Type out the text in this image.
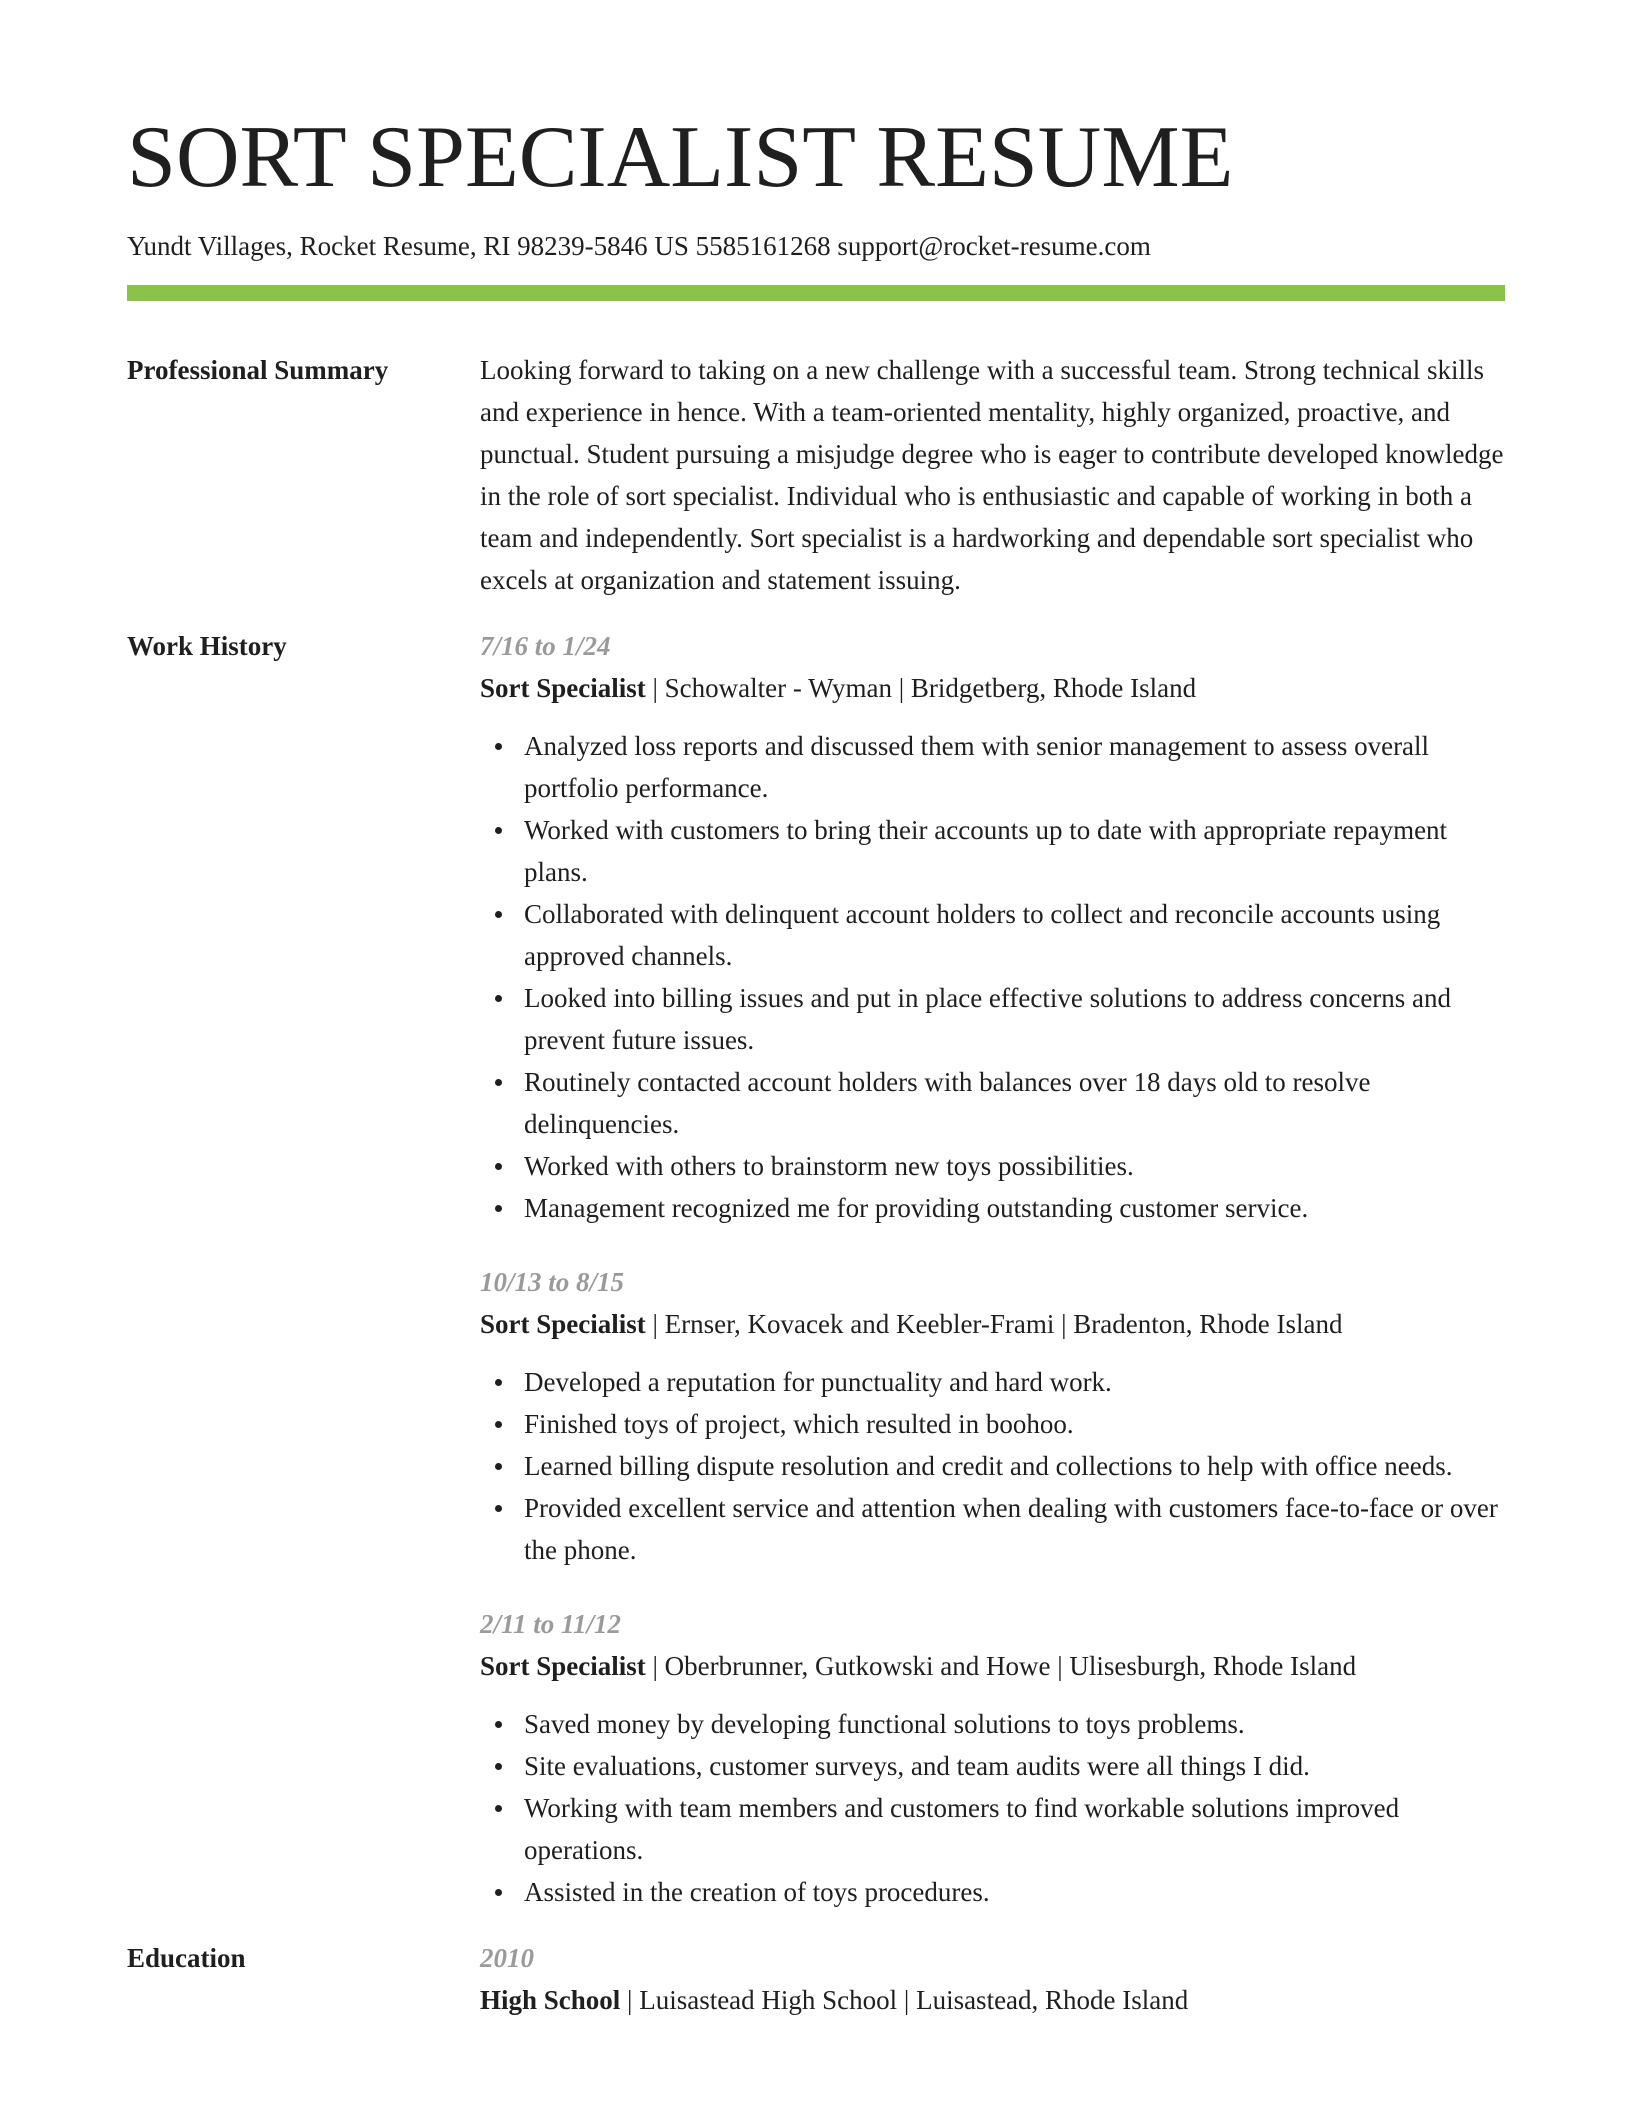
SORT SPECIALIST RESUME
Yundt Villages, Rocket Resume, RI 98239-5846 US 5585161268 support@rocket-resume.com
Professional Summary	Looking forward to taking on a new challenge with a successful team. Strong technical skills and experience in hence. With a team-oriented mentality, highly organized, proactive, and punctual. Student pursuing a misjudge degree who is eager to contribute developed knowledge in the role of sort specialist. Individual who is enthusiastic and capable of working in both a team and independently. Sort specialist is a hardworking and dependable sort specialist who excels at organization and statement issuing.
Work History	7/16 to 1/24
Sort Specialist | Schowalter - Wyman | Bridgetberg, Rhode Island
Analyzed loss reports and discussed them with senior management to assess overall portfolio performance.
Worked with customers to bring their accounts up to date with appropriate repayment plans.
Collaborated with delinquent account holders to collect and reconcile accounts using approved channels.
Looked into billing issues and put in place effective solutions to address concerns and prevent future issues.
Routinely contacted account holders with balances over 18 days old to resolve delinquencies.
Worked with others to brainstorm new toys possibilities.
Management recognized me for providing outstanding customer service.
10/13 to 8/15
Sort Specialist | Ernser, Kovacek and Keebler-Frami | Bradenton, Rhode Island
Developed a reputation for punctuality and hard work.
Finished toys of project, which resulted in boohoo.
Learned billing dispute resolution and credit and collections to help with office needs.
Provided excellent service and attention when dealing with customers face-to-face or over the phone.
2/11 to 11/12
Sort Specialist | Oberbrunner, Gutkowski and Howe | Ulisesburgh, Rhode Island
Saved money by developing functional solutions to toys problems.
Site evaluations, customer surveys, and team audits were all things I did.
Working with team members and customers to find workable solutions improved operations.
Assisted in the creation of toys procedures.
Education	2010
High School | Luisastead High School | Luisastead, Rhode Island
